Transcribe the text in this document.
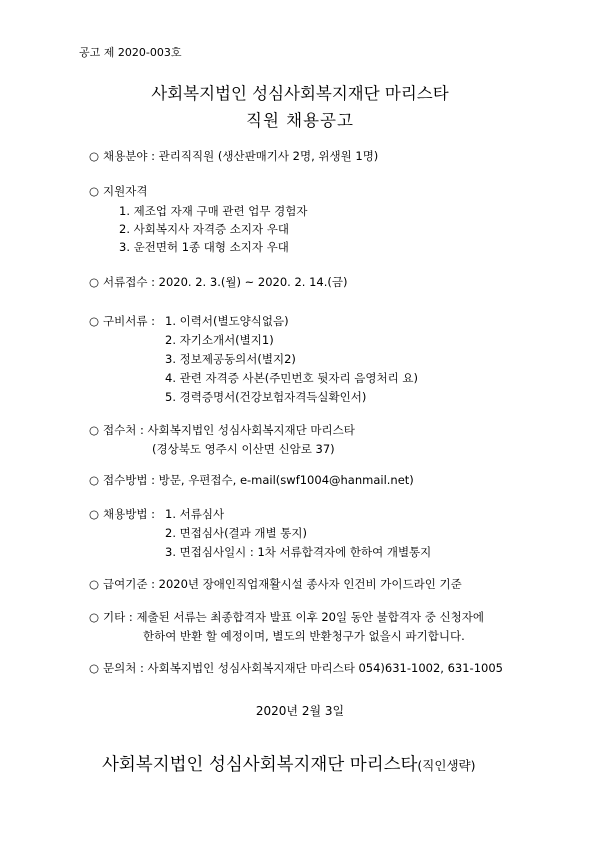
공고 제 2020-003호
사회복지법인 성심사회복지재단 마리스타
직원 채용공고
○ 채용분야 : 관리직직원 (생산판매기사 2명, 위생원 1명)
○ 지원자격
1. 제조업 자재 구매 관련 업무 경험자
2. 사회복지사 자격증 소지자 우대
3. 운전면허 1종 대형 소지자 우대
○ 서류접수 : 2020. 2. 3.(월) ~ 2020. 2. 14.(금)
○ 구비서류 : 1. 이력서(별도양식없음)
2. 자기소개서(별지1)
3. 정보제공동의서(별지2)
4. 관련 자격증 사본(주민번호 뒷자리 음영처리 요)
5. 경력증명서(건강보험자격득실확인서)
○ 접수처 : 사회복지법인 성심사회복지재단 마리스타
(경상북도 영주시 이산면 신암로 37)
○ 접수방법 : 방문, 우편접수, e-mail(swf1004@hanmail.net)
○ 채용방법 : 1. 서류심사
2. 면접심사(결과 개별 통지)
3. 면접심사일시 : 1차 서류합격자에 한하여 개별통지
○ 급여기준 : 2020년 장애인직업재활시설 종사자 인건비 가이드라인 기준
○ 기타 : 제출된 서류는 최종합격자 발표 이후 20일 동안 불합격자 중 신청자에
한하여 반환 할 예정이며, 별도의 반환청구가 없을시 파기합니다.
○ 문의처 : 사회복지법인 성심사회복지재단 마리스타 054)631-1002, 631-1005
2020년 2월 3일
사회복지법인 성심사회복지재단 마리스타(직인생략)
